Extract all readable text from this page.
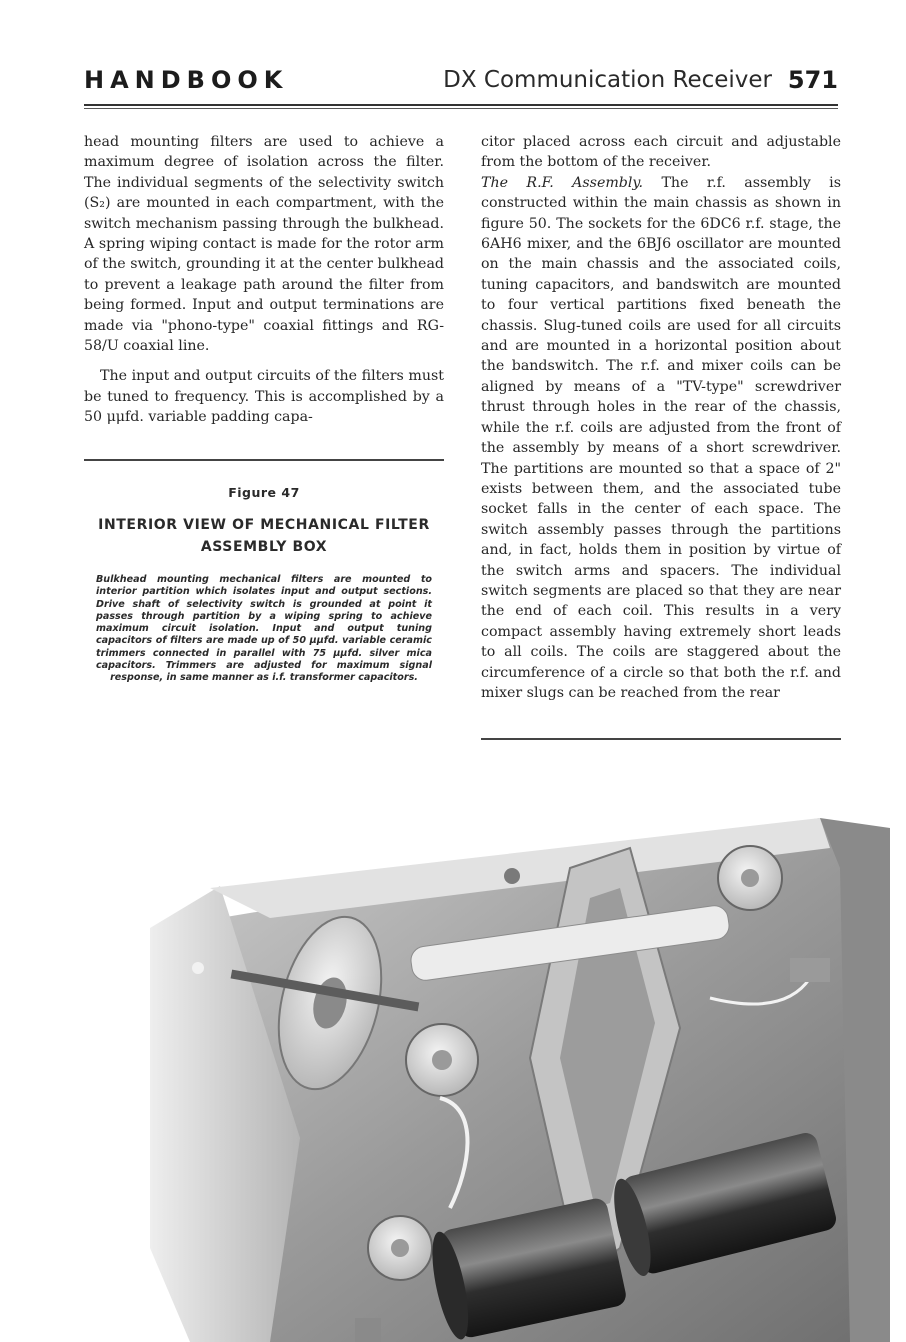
HANDBOOK	DX Communication Receiver 571

head mounting filters are used to achieve a maximum degree of isolation across the filter. The individual segments of the selectivity switch (S₂) are mounted in each compartment, with the switch mechanism passing through the bulkhead. A spring wiping contact is made for the rotor arm of the switch, grounding it at the center bulkhead to prevent a leakage path around the filter from being formed. Input and output terminations are made via "phono-type" coaxial fittings and RG-58/U coaxial line.

The input and output circuits of the filters must be tuned to frequency. This is accomplished by a 50 μμfd. variable padding capa-

Figure 47
INTERIOR VIEW OF MECHANICAL FILTER ASSEMBLY BOX
Bulkhead mounting mechanical filters are mounted to interior partition which isolates input and output sections. Drive shaft of selectivity switch is grounded at point it passes through partition by a wiping spring to achieve maximum circuit isolation. Input and output tuning capacitors of filters are made up of 50 μμfd. variable ceramic trimmers connected in parallel with 75 μμfd. silver mica capacitors. Trimmers are adjusted for maximum signal response, in same manner as i.f. transformer capacitors.

citor placed across each circuit and adjustable from the bottom of the receiver.

The R.F. Assembly. The r.f. assembly is constructed within the main chassis as shown in figure 50. The sockets for the 6DC6 r.f. stage, the 6AH6 mixer, and the 6BJ6 oscillator are mounted on the main chassis and the associated coils, tuning capacitors, and bandswitch are mounted to four vertical partitions fixed beneath the chassis. Slug-tuned coils are used for all circuits and are mounted in a horizontal position about the bandswitch. The r.f. and mixer coils can be aligned by means of a "TV-type" screwdriver thrust through holes in the rear of the chassis, while the r.f. coils are adjusted from the front of the assembly by means of a short screwdriver. The partitions are mounted so that a space of 2" exists between them, and the associated tube socket falls in the center of each space. The switch assembly passes through the partitions and, in fact, holds them in position by virtue of the switch arms and spacers. The individual switch segments are placed so that they are near the end of each coil. This results in a very compact assembly having extremely short leads to all coils. The coils are staggered about the circumference of a circle so that both the r.f. and mixer slugs can be reached from the rear
